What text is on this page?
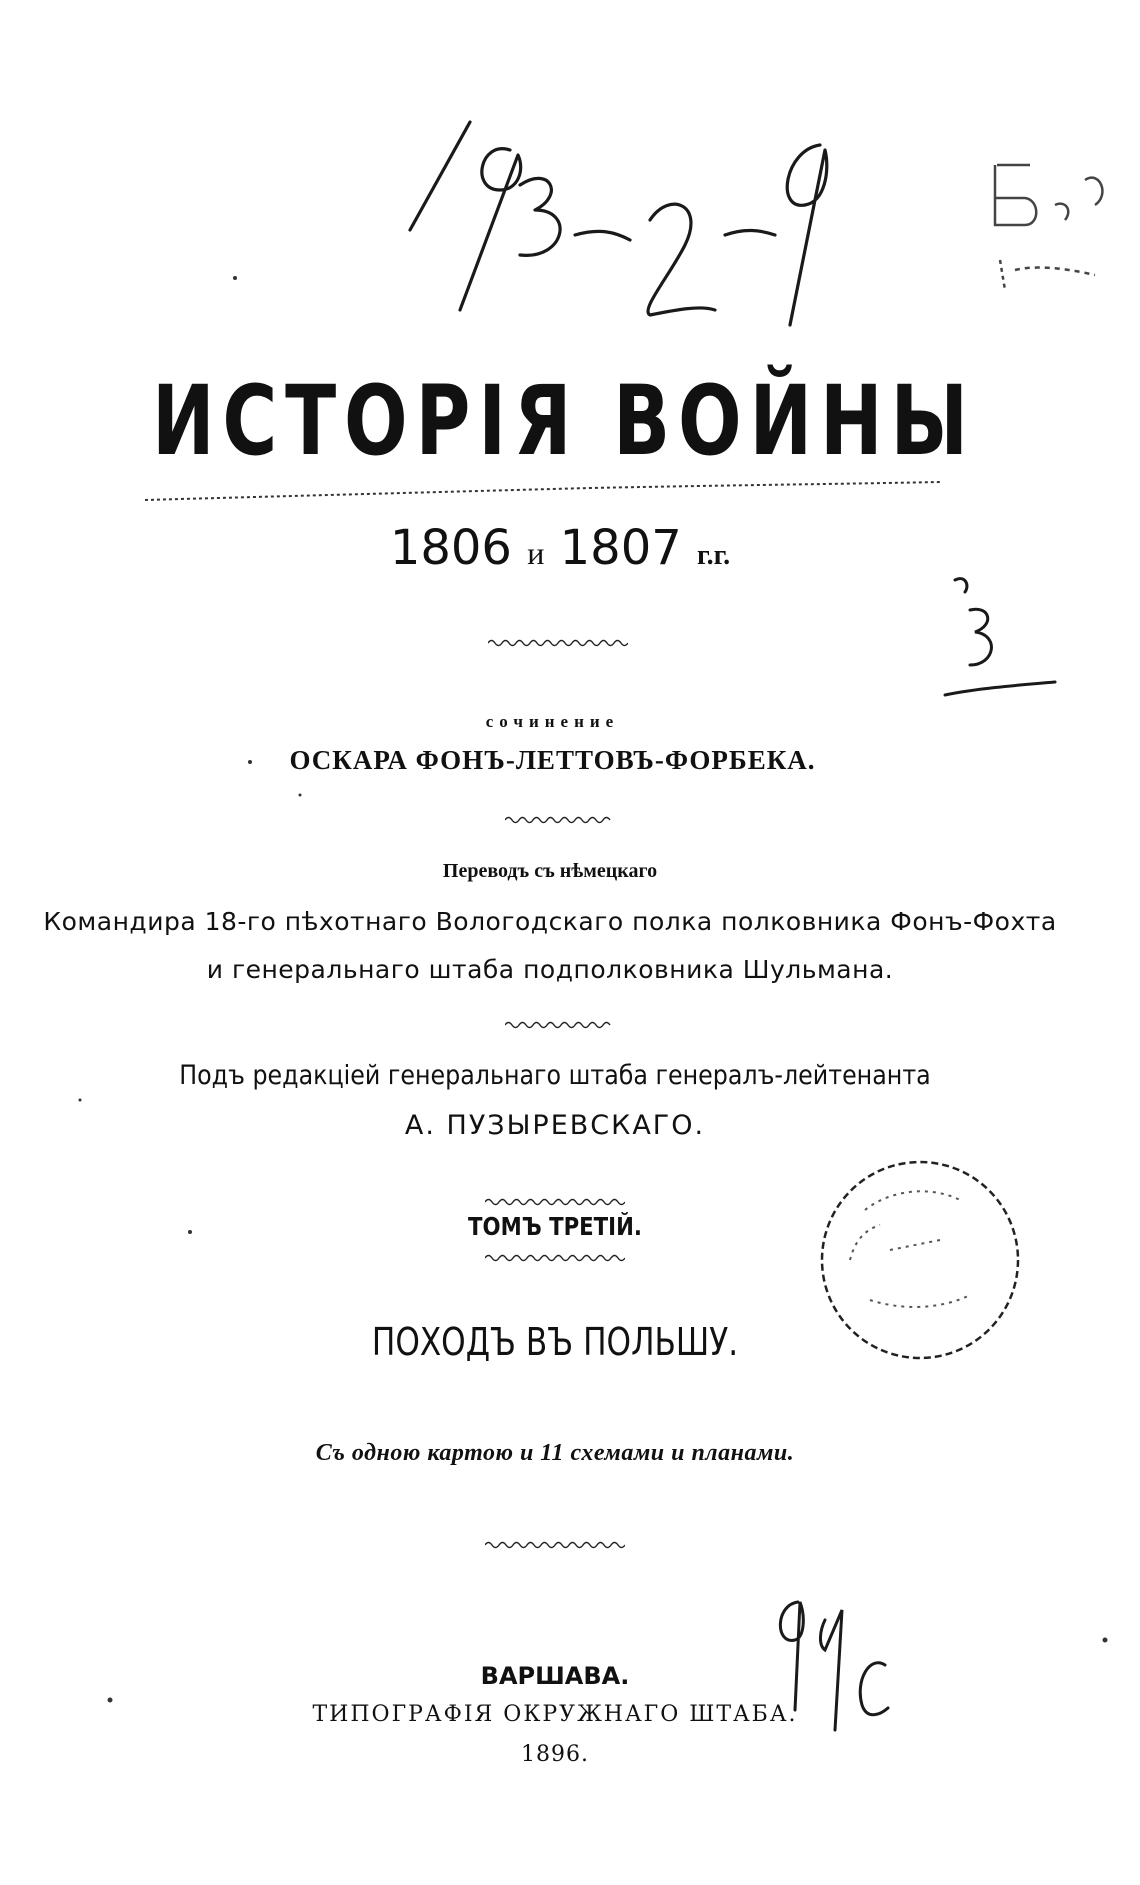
ИСТОРІЯ ВОЙНЫ
1806 и 1807 г.г.
сочинение
ОСКАРА ФОНЪ-ЛЕТТОВЪ-ФОРБЕКА.
Переводъ съ нѣмецкаго
Командира 18-го пѣхотнаго Вологодскаго полка полковника Фонъ-Фохта
и генеральнаго штаба подполковника Шульмана.
Подъ редакціей генеральнаго штаба генералъ-лейтенанта
А. ПУЗЫРЕВСКАГО.
ТОМЪ ТРЕТІЙ.
ПОХОДЪ ВЪ ПОЛЬШУ.
Съ одною картою и 11 схемами и планами.
ВАРШАВА.
ТИПОГРАФІЯ ОКРУЖНАГО ШТАБА.
1896.
